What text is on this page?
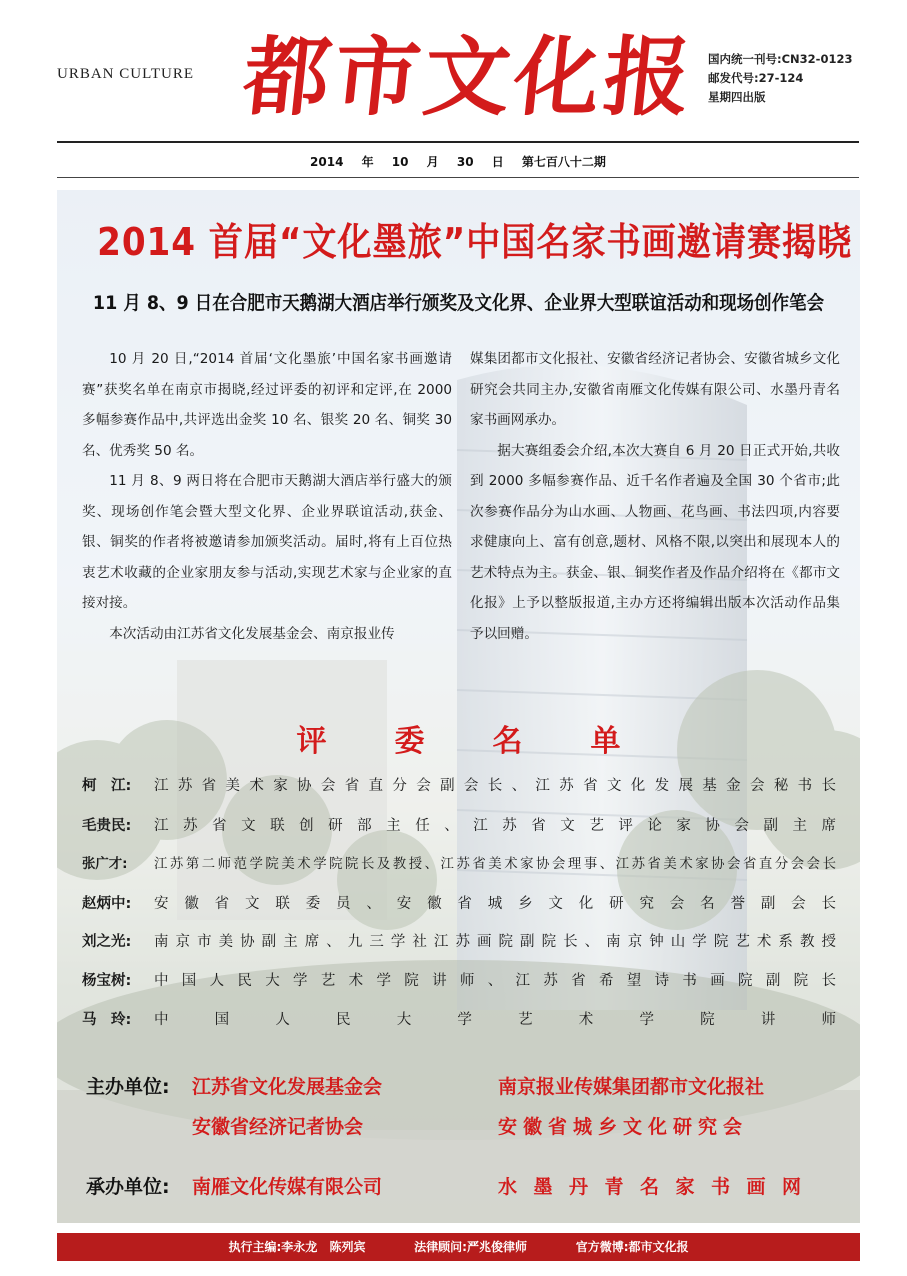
URBAN CULTURE 都市文化报 国内统一刊号:CN32-0123
邮发代号:27-124
星期四出版
2014 年 10 月 30 日 第七百八十二期
2014 首届“文化墨旅”中国名家书画邀请赛揭晓
11 月 8、9 日在合肥市天鹅湖大酒店举行颁奖及文化界、企业界大型联谊活动和现场创作笔会

10 月 20 日,“2014 首届‘文化墨旅’中国名家书画邀请赛”获奖名单在南京市揭晓,经过评委的初评和定评,在 2000 多幅参赛作品中,共评选出金奖 10 名、银奖 20 名、铜奖 30 名、优秀奖 50 名。

11 月 8、9 两日将在合肥市天鹅湖大酒店举行盛大的颁奖、现场创作笔会暨大型文化界、企业界联谊活动,获金、银、铜奖的作者将被邀请参加颁奖活动。届时,将有上百位热衷艺术收藏的企业家朋友参与活动,实现艺术家与企业家的直接对接。

本次活动由江苏省文化发展基金会、南京报业传

媒集团都市文化报社、安徽省经济记者协会、安徽省城乡文化研究会共同主办,安徽省南雁文化传媒有限公司、水墨丹青名家书画网承办。

据大赛组委会介绍,本次大赛自 6 月 20 日正式开始,共收到 2000 多幅参赛作品、近千名作者遍及全国 30 个省市;此次参赛作品分为山水画、人物画、花鸟画、书法四项,内容要求健康向上、富有创意,题材、风格不限,以突出和展现本人的艺术特点为主。获金、银、铜奖作者及作品介绍将在《都市文化报》上予以整版报道,主办方还将编辑出版本次活动作品集予以回赠。

评委名单
柯　江:	江苏省美术家协会省直分会副会长、江苏省文化发展基金会秘书长
毛贵民:	江苏省文联创研部主任、江苏省文艺评论家协会副主席
张广才:	江苏第二师范学院美术学院院长及教授、江苏省美术家协会理事、江苏省美术家协会省直分会会长
赵炳中:	安徽省文联委员、安徽省城乡文化研究会名誉副会长
刘之光:	南京市美协副主席、九三学社江苏画院副院长、南京钟山学院艺术系教授
杨宝树:	中国人民大学艺术学院讲师、江苏省希望诗书画院副院长
马　玲:	中国人民大学艺术学院讲师
主办单位: 江苏省文化发展基金会	南京报业传媒集团都市文化报社
安徽省经济记者协会	安徽省城乡文化研究会
承办单位: 南雁文化传媒有限公司	水墨丹青名家书画网
执行主编:李永龙 陈列宾	法律顾问:严兆俊律师	官方微博:都市文化报
